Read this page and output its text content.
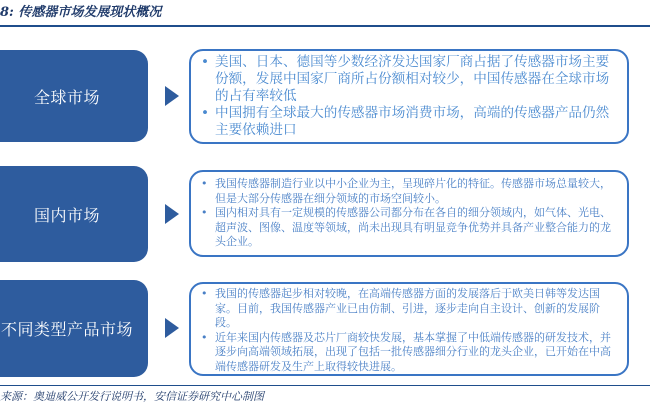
8: 传感器市场发展现状概况
全球市场
• 美国、日本、德国等少数经济发达国家厂商占据了传感器市场主要份额，发展中国家厂商所占份额相对较少，中国传感器在全球市场的占有率较低
• 中国拥有全球最大的传感器市场消费市场，高端的传感器产品仍然主要依赖进口
国内市场
• 我国传感器制造行业以中小企业为主，呈现碎片化的特征。传感器市场总量较大，但是大部分传感器在细分领域的市场空间较小。
• 国内相对具有一定规模的传感器公司都分布在各自的细分领域内，如气体、光电、超声波、图像、温度等领域，尚未出现具有明显竞争优势并具备产业整合能力的龙头企业。
不同类型产品市场
• 我国的传感器起步相对较晚，在高端传感器方面的发展落后于欧美日韩等发达国家。目前，我国传感器产业已由仿制、引进，逐步走向自主设计、创新的发展阶段。
• 近年来国内传感器及芯片厂商较快发展，基本掌握了中低端传感器的研发技术，并逐步向高端领域拓展，出现了包括一批传感器细分行业的龙头企业，已开始在中高端传感器研发及生产上取得较快进展。
来源：奥迪威公开发行说明书，安信证券研究中心制图
